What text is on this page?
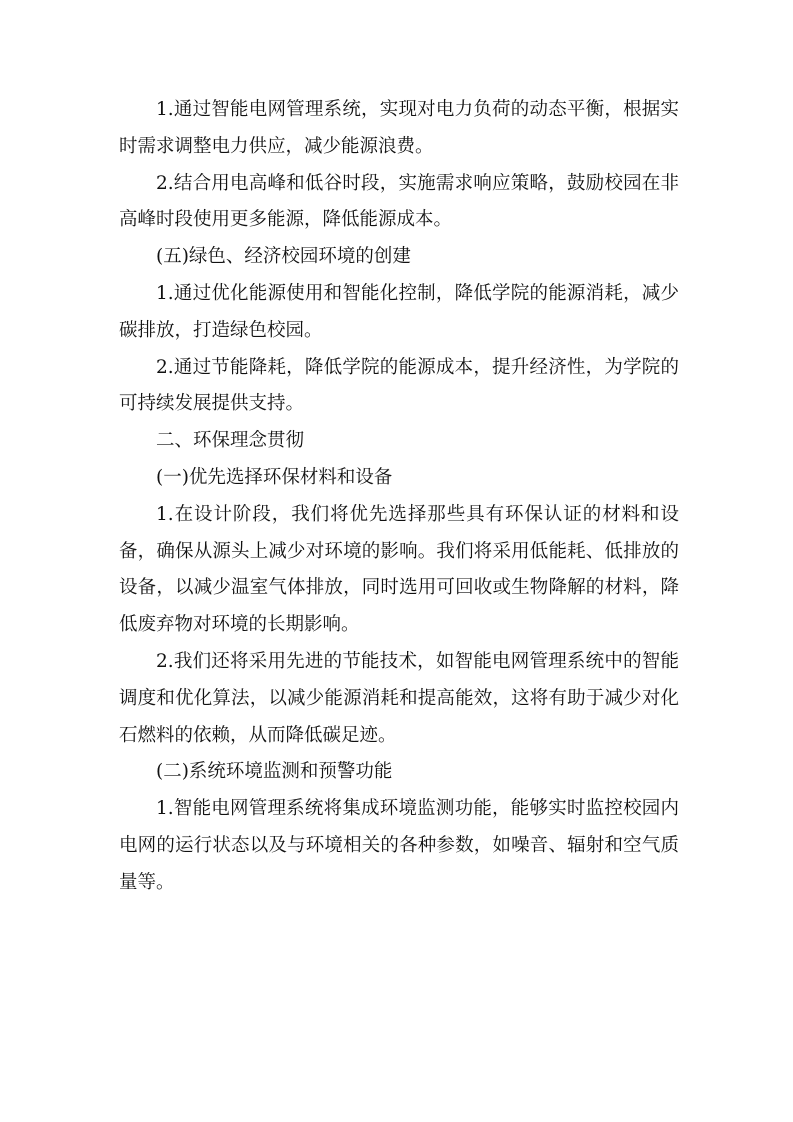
1.通过智能电网管理系统，实现对电力负荷的动态平衡，根据实时需求调整电力供应，减少能源浪费。

2.结合用电高峰和低谷时段，实施需求响应策略，鼓励校园在非高峰时段使用更多能源，降低能源成本。

(五)绿色、经济校园环境的创建

1.通过优化能源使用和智能化控制，降低学院的能源消耗，减少碳排放，打造绿色校园。

2.通过节能降耗，降低学院的能源成本，提升经济性，为学院的可持续发展提供支持。

二、环保理念贯彻

(一)优先选择环保材料和设备

1.在设计阶段，我们将优先选择那些具有环保认证的材料和设备，确保从源头上减少对环境的影响。我们将采用低能耗、低排放的设备，以减少温室气体排放，同时选用可回收或生物降解的材料，降低废弃物对环境的长期影响。

2.我们还将采用先进的节能技术，如智能电网管理系统中的智能调度和优化算法，以减少能源消耗和提高能效，这将有助于减少对化石燃料的依赖，从而降低碳足迹。

(二)系统环境监测和预警功能

1.智能电网管理系统将集成环境监测功能，能够实时监控校园内电网的运行状态以及与环境相关的各种参数，如噪音、辐射和空气质量等。
